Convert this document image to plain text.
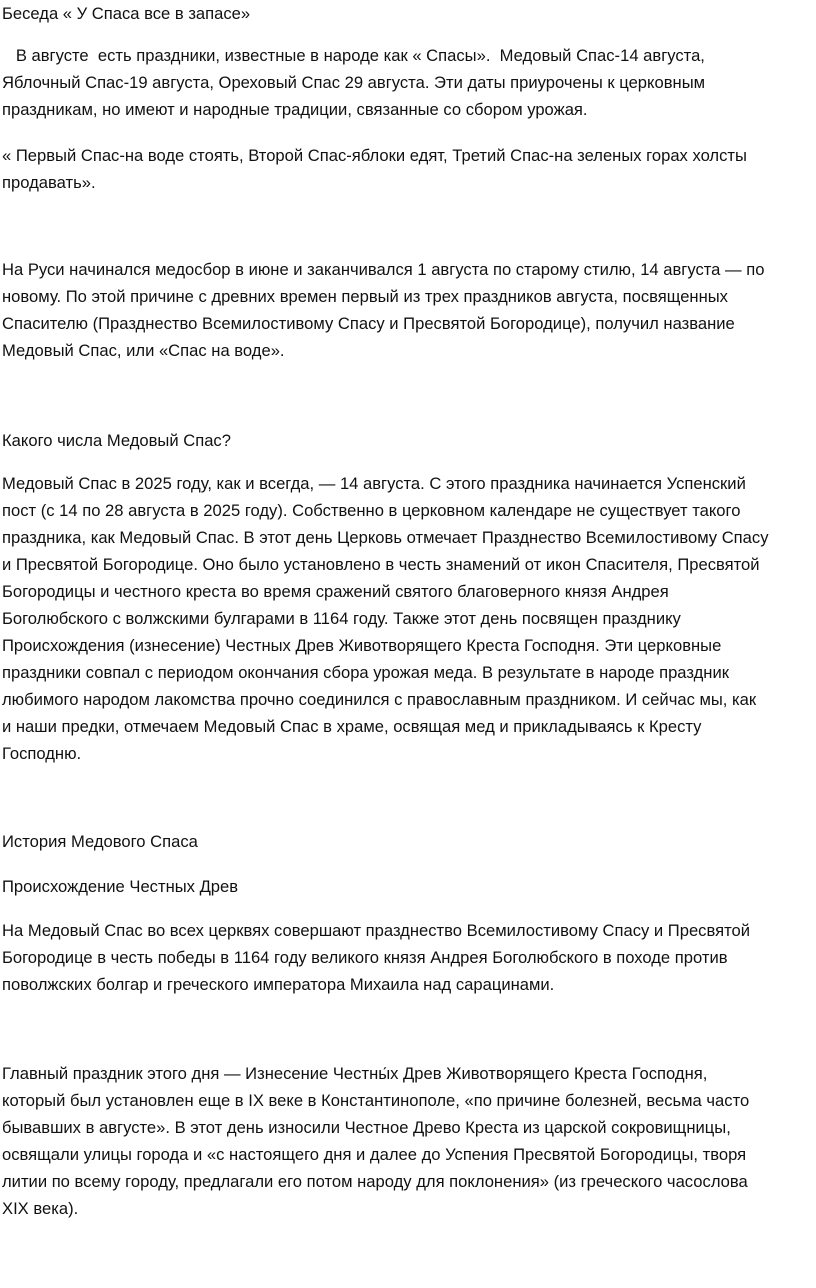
Беседа « У Спаса все в запасе»
В августе  есть праздники, известные в народе как « Спасы».  Медовый Спас-14 августа,
Яблочный Спас-19 августа, Ореховый Спас 29 августа. Эти даты приурочены к церковным
праздникам, но имеют и народные традиции, связанные со сбором урожая.
« Первый Спас-на воде стоять, Второй Спас-яблоки едят, Третий Спас-на зеленых горах холсты
продавать».
На Руси начинался медосбор в июне и заканчивался 1 августа по старому стилю, 14 августа — по
новому. По этой причине с древних времен первый из трех праздников августа, посвященных
Спасителю (Празднество Всемилостивому Спасу и Пресвятой Богородице), получил название
Медовый Спас, или «Спас на воде».
Какого числа Медовый Спас?
Медовый Спас в 2025 году, как и всегда, — 14 августа. С этого праздника начинается Успенский
пост (с 14 по 28 августа в 2025 году). Собственно в церковном календаре не существует такого
праздника, как Медовый Спас. В этот день Церковь отмечает Празднество Всемилостивому Спасу
и Пресвятой Богородице. Оно было установлено в честь знамений от икон Спасителя, Пресвятой
Богородицы и честного креста во время сражений святого благоверного князя Андрея
Боголюбского с волжскими булгарами в 1164 году. Также этот день посвящен празднику
Происхождения (изнесение) Честных Древ Животворящего Креста Господня. Эти церковные
праздники совпал с периодом окончания сбора урожая меда. В результате в народе праздник
любимого народом лакомства прочно соединился с православным праздником. И сейчас мы, как
и наши предки, отмечаем Медовый Спас в храме, освящая мед и прикладываясь к Кресту
Господню.
История Медового Спаса
Происхождение Честных Древ
На Медовый Спас во всех церквях совершают празднество Всемилостивому Спасу и Пресвятой
Богородице в честь победы в 1164 году великого князя Андрея Боголюбского в походе против
поволжских болгар и греческого императора Михаила над сарацинами.
Главный праздник этого дня — Изнесение Честны́х Древ Животворящего Креста Господня,
который был установлен еще в IX веке в Константинополе, «по причине болезней, весьма часто
бывавших в августе». В этот день износили Честное Древо Креста из царской сокровищницы,
освящали улицы города и «с настоящего дня и далее до Успения Пресвятой Богородицы, творя
литии по всему городу, предлагали его потом народу для поклонения» (из греческого часослова
XIX века).
